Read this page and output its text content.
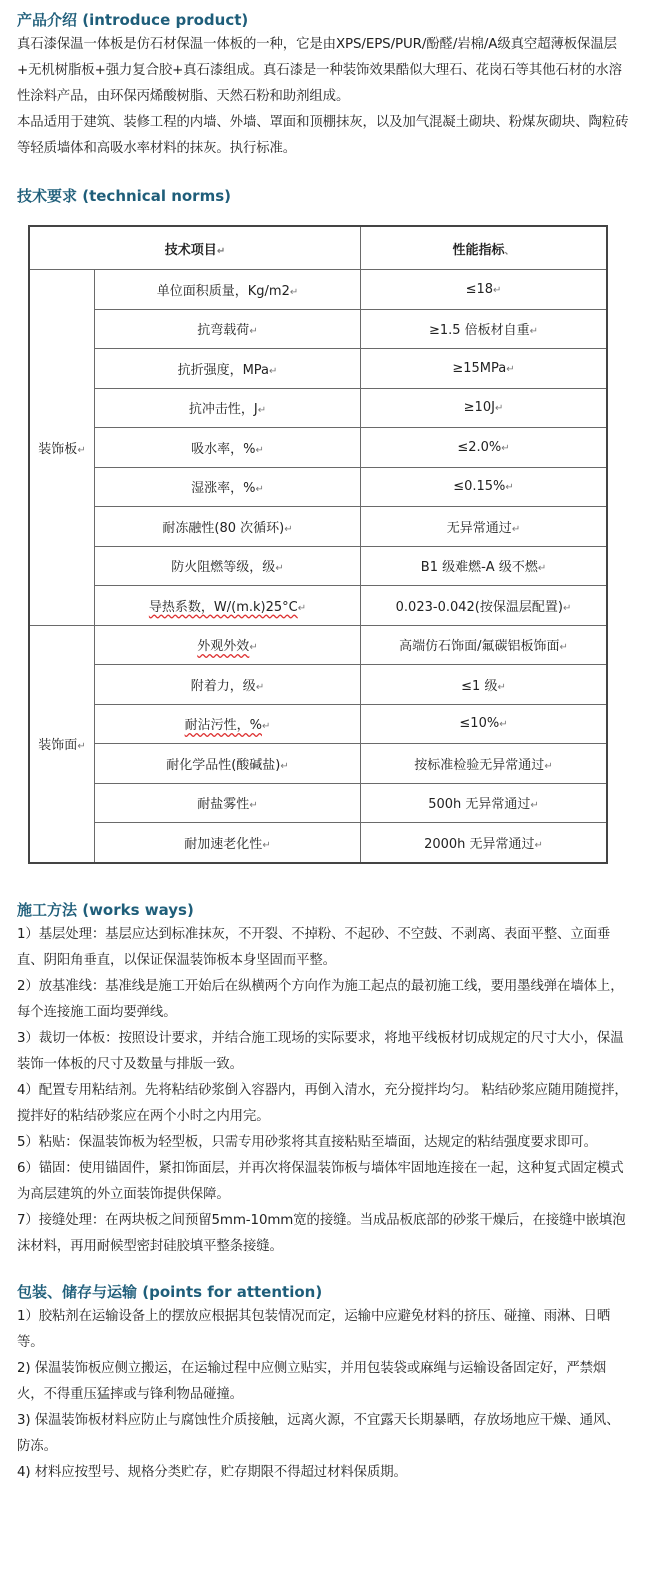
产品介绍 (introduce product)

真石漆保温一体板是仿石材保温一体板的一种，它是由XPS/EPS/PUR/酚醛/岩棉/A级真空超薄板保温层+无机树脂板+强力复合胶+真石漆组成。真石漆是一种装饰效果酷似大理石、花岗石等其他石材的水溶性涂料产品，由环保丙烯酸树脂、天然石粉和助剂组成。

本品适用于建筑、装修工程的内墙、外墙、罩面和顶棚抹灰，以及加气混凝土砌块、粉煤灰砌块、陶粒砖等轻质墙体和高吸水率材料的抹灰。执行标准。

技术要求 (technical norms)
技术项目↵		性能指标、
装饰板↵	单位面积质量，Kg/m2↵	≤18↵
	抗弯载荷↵	≥1.5 倍板材自重↵
	抗折强度，MPa↵	≥15MPa↵
	抗冲击性，J↵	≥10J↵
	吸水率，%↵	≤2.0%↵
	湿涨率，%↵	≤0.15%↵
	耐冻融性(80 次循环)↵	无异常通过↵
	防火阻燃等级，级↵	B1 级难燃-A 级不燃↵
	导热系数，W/(m.k)25°C↵	0.023-0.042(按保温层配置)↵
装饰面↵	外观外效↵	高端仿石饰面/氟碳铝板饰面↵
	附着力，级↵	≤1 级↵
	耐沾污性，%↵	≤10%↵
	耐化学品性(酸碱盐)↵	按标准检验无异常通过↵
	耐盐雾性↵	500h 无异常通过↵
	耐加速老化性↵	2000h 无异常通过↵
施工方法 (works ways)

1）基层处理：基层应达到标准抹灰，不开裂、不掉粉、不起砂、不空鼓、不剥离、表面平整、立面垂直、阴阳角垂直，以保证保温装饰板本身坚固而平整。

2）放基准线：基准线是施工开始后在纵横两个方向作为施工起点的最初施工线，要用墨线弹在墙体上，每个连接施工面均要弹线。

3）裁切一体板：按照设计要求，并结合施工现场的实际要求，将地平线板材切成规定的尺寸大小，保温装饰一体板的尺寸及数量与排版一致。

4）配置专用粘结剂。先将粘结砂浆倒入容器内，再倒入清水，充分搅拌均匀。 粘结砂浆应随用随搅拌，搅拌好的粘结砂浆应在两个小时之内用完。

5）粘贴：保温装饰板为轻型板，只需专用砂浆将其直接粘贴至墙面，达规定的粘结强度要求即可。

6）锚固：使用锚固件，紧扣饰面层，并再次将保温装饰板与墙体牢固地连接在一起，这种复式固定模式为高层建筑的外立面装饰提供保障。

7）接缝处理：在两块板之间预留5mm-10mm宽的接缝。当成品板底部的砂浆干燥后，在接缝中嵌填泡沫材料，再用耐候型密封硅胶填平整条接缝。

包装、储存与运输 (points for attention)

1）胶粘剂在运输设备上的摆放应根据其包装情况而定，运输中应避免材料的挤压、碰撞、雨淋、日晒等。

2) 保温装饰板应侧立搬运，在运输过程中应侧立贴实，并用包装袋或麻绳与运输设备固定好，严禁烟火，不得重压猛摔或与锋利物品碰撞。

3) 保温装饰板材料应防止与腐蚀性介质接触，远离火源，不宜露天长期暴晒，存放场地应干燥、通风、防冻。

4) 材料应按型号、规格分类贮存，贮存期限不得超过材料保质期。
